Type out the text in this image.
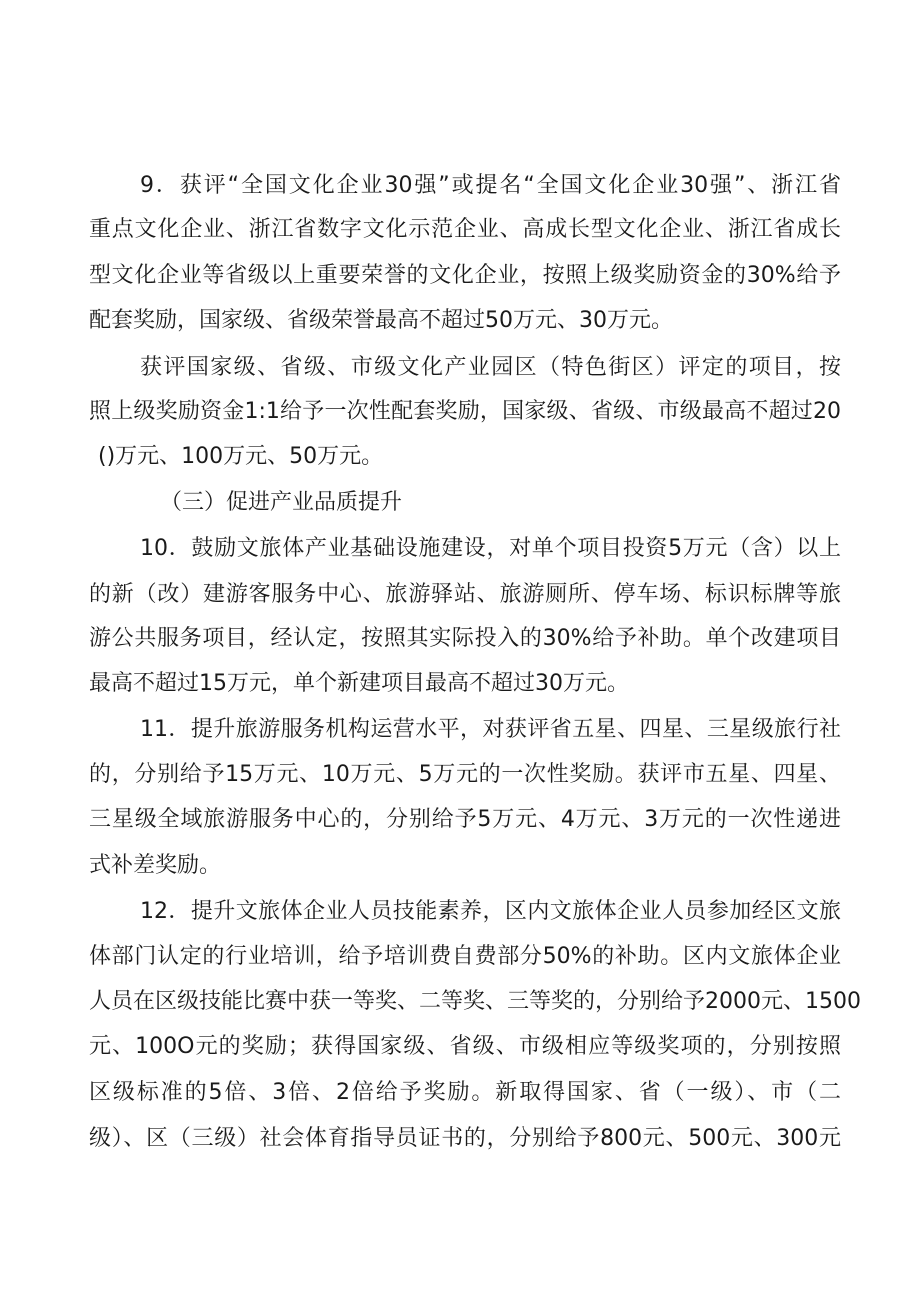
9．获评“全国文化企业30强”或提名“全国文化企业30强”、浙江省
重点文化企业、浙江省数字文化示范企业、高成长型文化企业、浙江省成长
型文化企业等省级以上重要荣誉的文化企业，按照上级奖励资金的30%给予
配套奖励，国家级、省级荣誉最高不超过50万元、30万元。
获评国家级、省级、市级文化产业园区（特色街区）评定的项目，按
照上级奖励资金1:1给予一次性配套奖励，国家级、省级、市级最高不超过20
()万元、100万元、50万元。
（三）促进产业品质提升
10．鼓励文旅体产业基础设施建设，对单个项目投资5万元（含）以上
的新（改）建游客服务中心、旅游驿站、旅游厕所、停车场、标识标牌等旅
游公共服务项目，经认定，按照其实际投入的30%给予补助。单个改建项目
最高不超过15万元，单个新建项目最高不超过30万元。
11．提升旅游服务机构运营水平，对获评省五星、四星、三星级旅行社
的，分别给予15万元、10万元、5万元的一次性奖励。获评市五星、四星、
三星级全域旅游服务中心的，分别给予5万元、4万元、3万元的一次性递进
式补差奖励。
12．提升文旅体企业人员技能素养，区内文旅体企业人员参加经区文旅
体部门认定的行业培训，给予培训费自费部分50%的补助。区内文旅体企业
人员在区级技能比赛中获一等奖、二等奖、三等奖的，分别给予2000元、1500
元、100O元的奖励；获得国家级、省级、市级相应等级奖项的，分别按照
区级标准的5倍、3倍、2倍给予奖励。新取得国家、省（一级）、市（二
级）、区（三级）社会体育指导员证书的，分别给予800元、500元、300元
